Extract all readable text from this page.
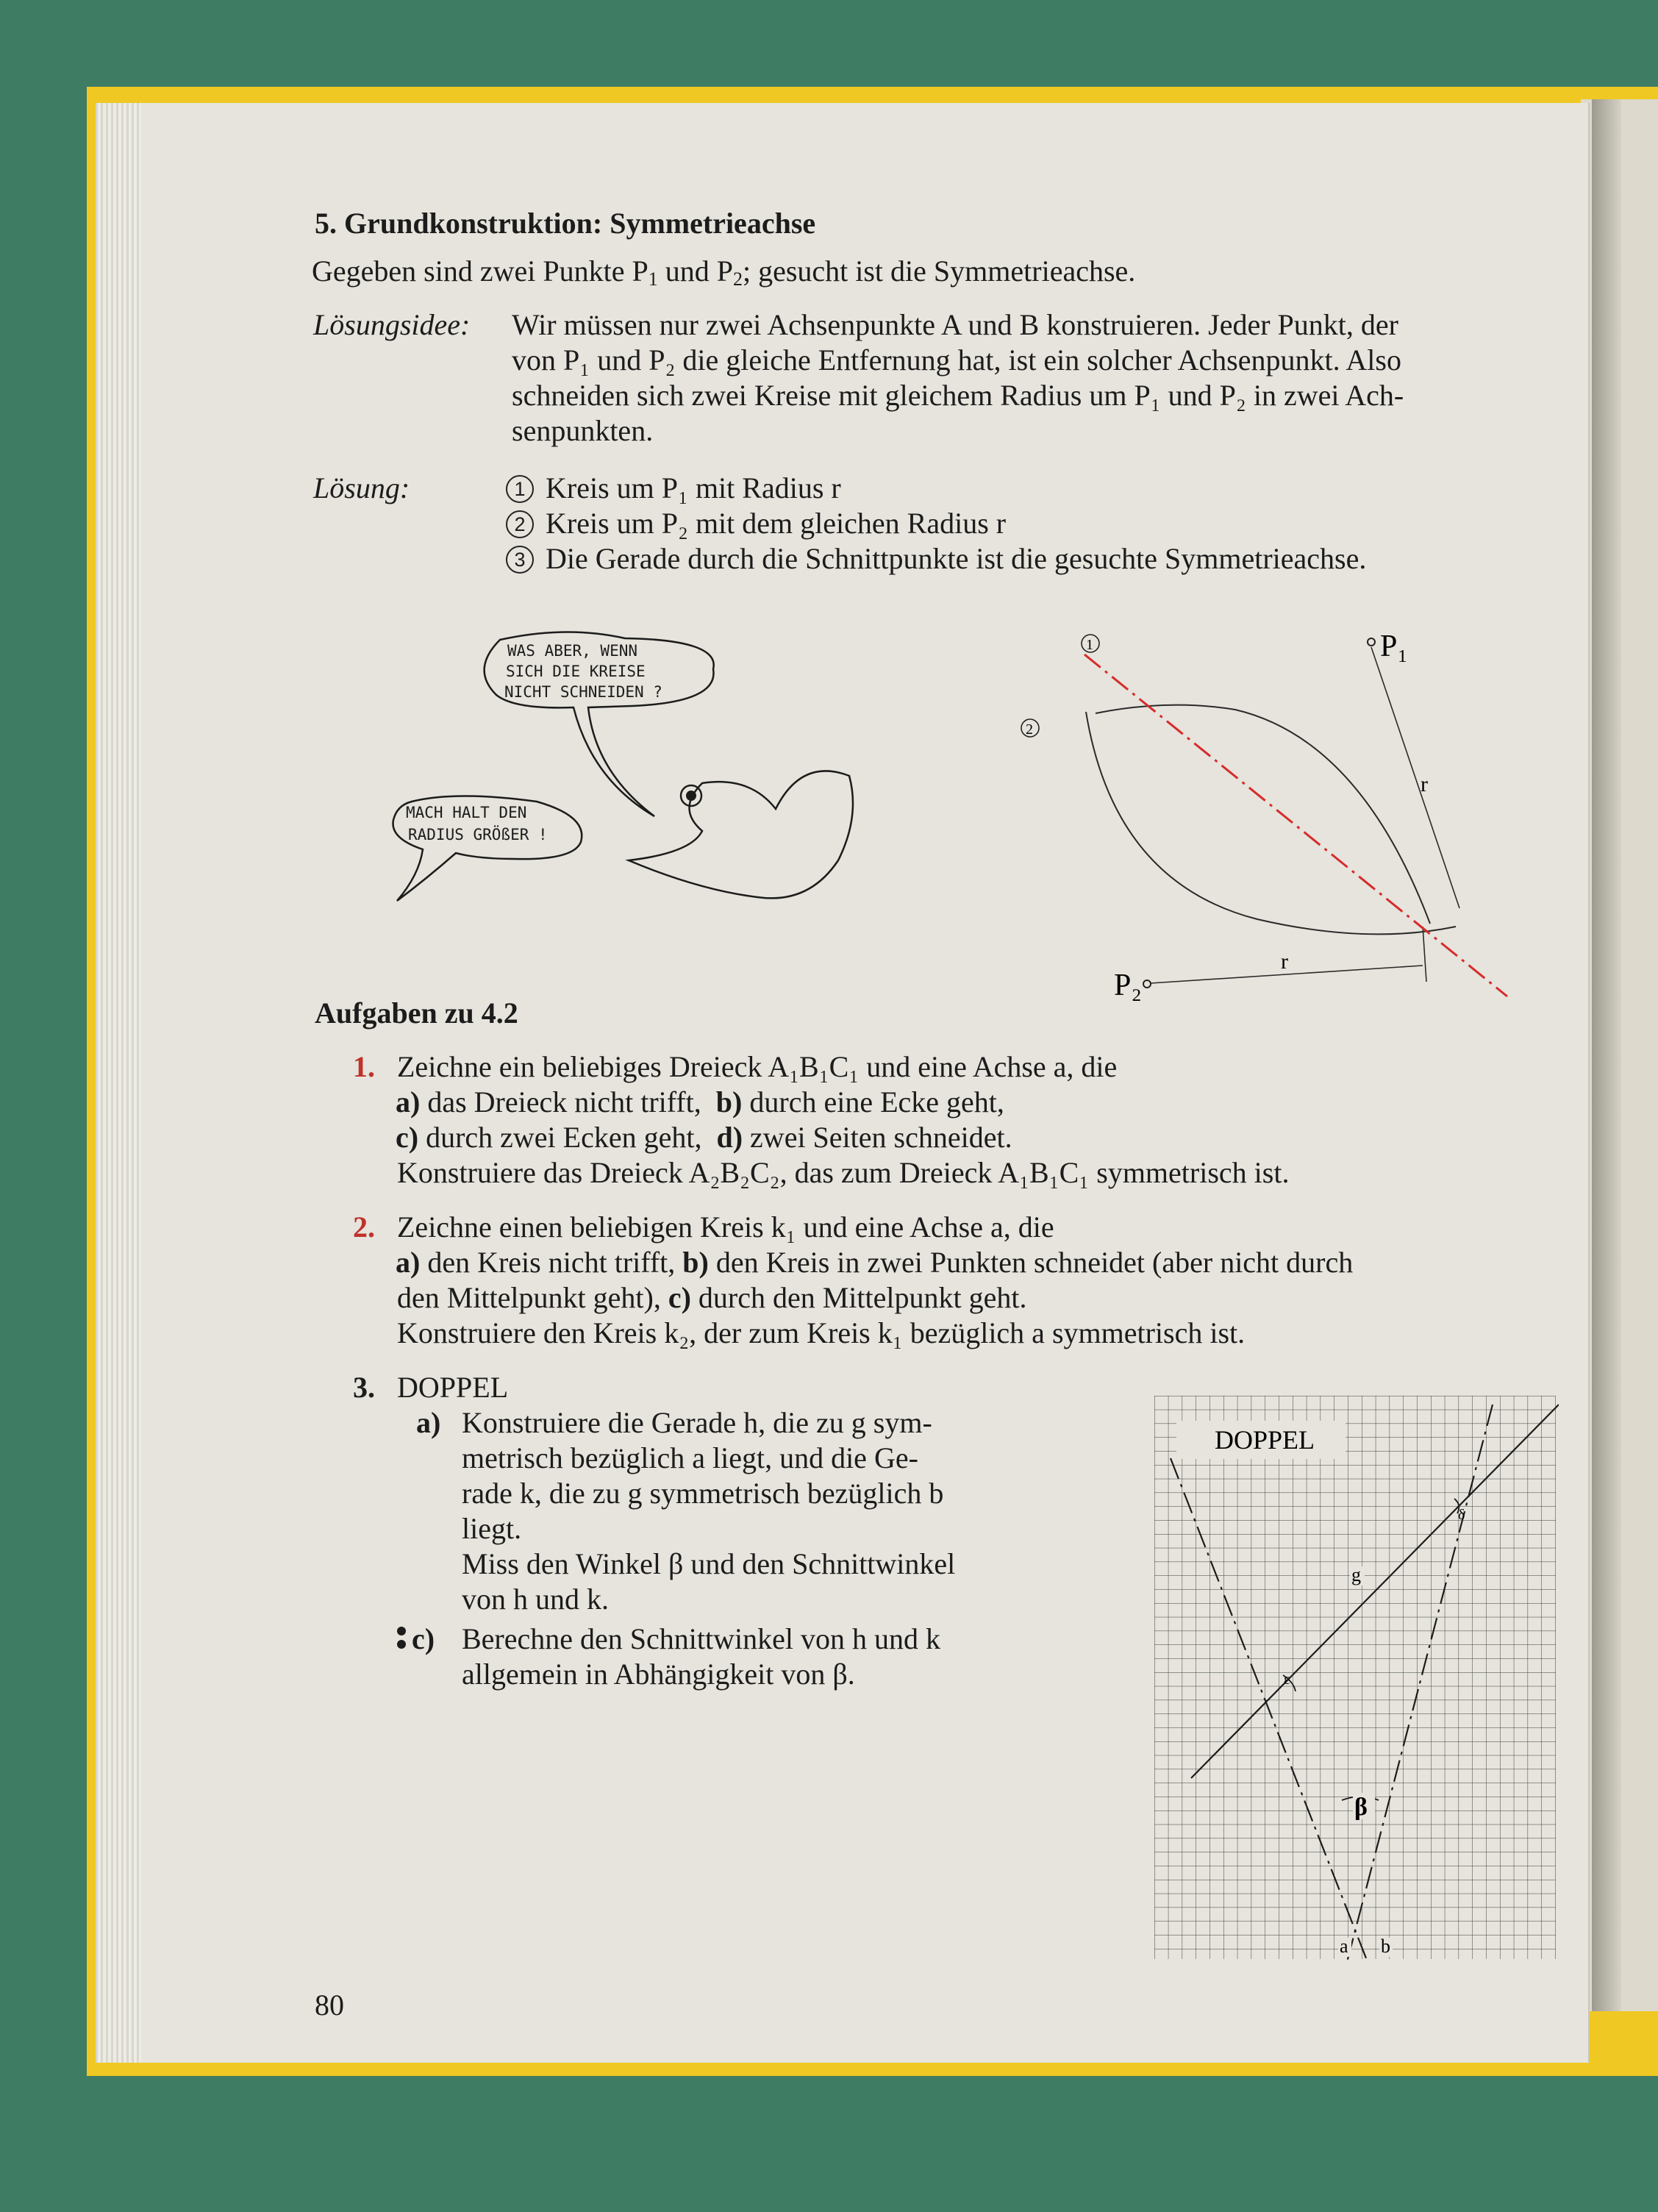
5. Grundkonstruktion: Symmetrieachse
Gegeben sind zwei Punkte $P_1$ und $P_2$; gesucht ist die Symmetrieachse.
Lösungsidee: Wir müssen nur zwei Achsenpunkte A und B konstruieren. Jeder Punkt, der
von P₁ und P₂ die gleiche Entfernung hat, ist ein solcher Achsenpunkt. Also
schneiden sich zwei Kreise mit gleichem Radius um P₁ und P₂ in zwei Ach-
senpunkten.
Lösung:	1 Kreis um P₁ mit Radius r
2 Kreis um P₂ mit dem gleichen Radius r
3 Die Gerade durch die Schnittpunkte ist die gesuchte Symmetrieachse.
WAS ABER, WENN
SICH DIE KREISE
NICHT SCHNEIDEN ?
MACH HALT DEN
RADIUS GRÖßER !
1
2
P₁
P₂
r
r
Aufgaben zu 4.2
1. Zeichne ein beliebiges Dreieck A₁B₁C₁ und eine Achse a, die
a) das Dreieck nicht trifft, b) durch eine Ecke geht,
c) durch zwei Ecken geht, d) zwei Seiten schneidet.
Konstruiere das Dreieck A₂B₂C₂, das zum Dreieck A₁B₁C₁ symmetrisch ist.
2. Zeichne einen beliebigen Kreis k₁ und eine Achse a, die
a) den Kreis nicht trifft, b) den Kreis in zwei Punkten schneidet (aber nicht durch
den Mittelpunkt geht), c) durch den Mittelpunkt geht.
Konstruiere den Kreis k₂, der zum Kreis k₁ bezüglich a symmetrisch ist.
3. DOPPEL
a) Konstruiere die Gerade h, die zu g sym-
metrisch bezüglich a liegt, und die Ge-
rade k, die zu g symmetrisch bezüglich b
liegt.
Miss den Winkel β und den Schnittwinkel
von h und k.
c) Berechne den Schnittwinkel von h und k
allgemein in Abhängigkeit von β.
DOPPEL
β
ε
δ
g
a b
80
